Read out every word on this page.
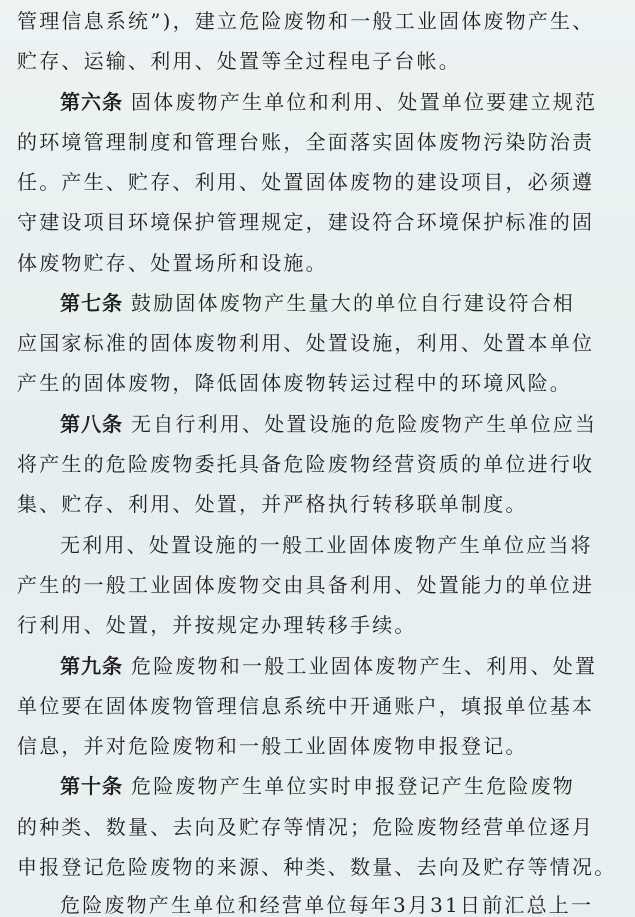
管理信息系统”)，建立危险废物和一般工业固体废物产生、
贮存、运输、利用、处置等全过程电子台帐。
第六条 固体废物产生单位和利用、处置单位要建立规范
的环境管理制度和管理台账，全面落实固体废物污染防治责
任。产生、贮存、利用、处置固体废物的建设项目，必须遵
守建设项目环境保护管理规定，建设符合环境保护标准的固
体废物贮存、处置场所和设施。
第七条 鼓励固体废物产生量大的单位自行建设符合相
应国家标准的固体废物利用、处置设施，利用、处置本单位
产生的固体废物，降低固体废物转运过程中的环境风险。
第八条 无自行利用、处置设施的危险废物产生单位应当
将产生的危险废物委托具备危险废物经营资质的单位进行收
集、贮存、利用、处置，并严格执行转移联单制度。
无利用、处置设施的一般工业固体废物产生单位应当将
产生的一般工业固体废物交由具备利用、处置能力的单位进
行利用、处置，并按规定办理转移手续。
第九条 危险废物和一般工业固体废物产生、利用、处置
单位要在固体废物管理信息系统中开通账户，填报单位基本
信息，并对危险废物和一般工业固体废物申报登记。
第十条 危险废物产生单位实时申报登记产生危险废物
的种类、数量、去向及贮存等情况；危险废物经营单位逐月
申报登记危险废物的来源、种类、数量、去向及贮存等情况。
危险废物产生单位和经营单位每年3月31日前汇总上一
